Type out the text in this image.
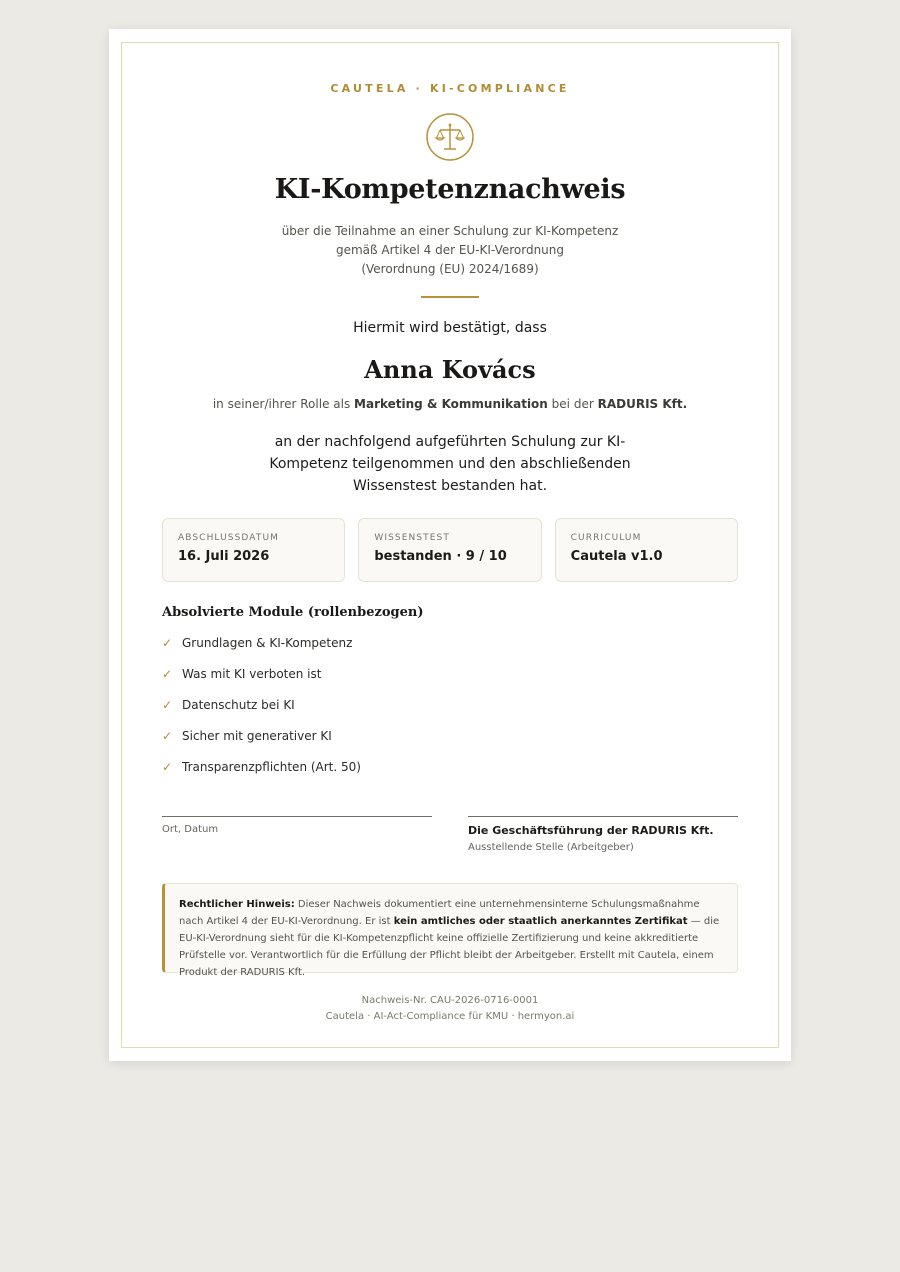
CAUTELA · KI-COMPLIANCE
KI-Kompetenznachweis
über die Teilnahme an einer Schulung zur KI-Kompetenz
gemäß Artikel 4 der EU-KI-Verordnung
(Verordnung (EU) 2024/1689)
Hiermit wird bestätigt, dass
Anna Kovács
in seiner/ihrer Rolle als Marketing & Kommunikation bei der RADURIS Kft.
an der nachfolgend aufgeführten Schulung zur KI-Kompetenz teilgenommen und den abschließenden Wissenstest bestanden hat.
ABSCHLUSSDATUM
16. Juli 2026
WISSENSTEST
bestanden · 9 / 10
CURRICULUM
Cautela v1.0
Absolvierte Module (rollenbezogen)
✓ Grundlagen & KI-Kompetenz
✓ Was mit KI verboten ist
✓ Datenschutz bei KI
✓ Sicher mit generativer KI
✓ Transparenzpflichten (Art. 50)
Ort, Datum	Die Geschäftsführung der RADURIS Kft.
Ausstellende Stelle (Arbeitgeber)
Rechtlicher Hinweis: Dieser Nachweis dokumentiert eine unternehmensinterne Schulungsmaßnahme nach Artikel 4 der EU-KI-Verordnung. Er ist kein amtliches oder staatlich anerkanntes Zertifikat — die EU-KI-Verordnung sieht für die KI-Kompetenzpflicht keine offizielle Zertifizierung und keine akkreditierte Prüfstelle vor. Verantwortlich für die Erfüllung der Pflicht bleibt der Arbeitgeber. Erstellt mit Cautela, einem Produkt der RADURIS Kft.
Nachweis-Nr. CAU-2026-0716-0001
Cautela · AI-Act-Compliance für KMU · hermyon.ai
